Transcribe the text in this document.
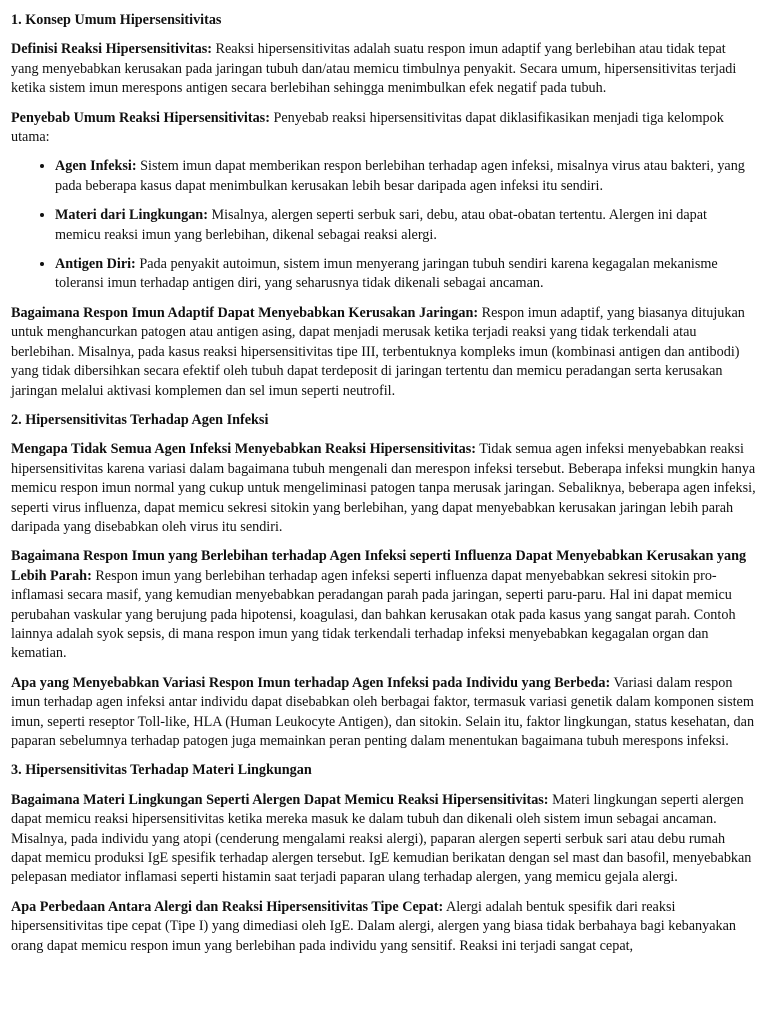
1. Konsep Umum Hipersensitivitas

Definisi Reaksi Hipersensitivitas: Reaksi hipersensitivitas adalah suatu respon imun adaptif yang berlebihan atau tidak tepat yang menyebabkan kerusakan pada jaringan tubuh dan/atau memicu timbulnya penyakit. Secara umum, hipersensitivitas terjadi ketika sistem imun merespons antigen secara berlebihan sehingga menimbulkan efek negatif pada tubuh.

Penyebab Umum Reaksi Hipersensitivitas: Penyebab reaksi hipersensitivitas dapat diklasifikasikan menjadi tiga kelompok utama:

• Agen Infeksi: Sistem imun dapat memberikan respon berlebihan terhadap agen infeksi, misalnya virus atau bakteri, yang pada beberapa kasus dapat menimbulkan kerusakan lebih besar daripada agen infeksi itu sendiri.
• Materi dari Lingkungan: Misalnya, alergen seperti serbuk sari, debu, atau obat-obatan tertentu. Alergen ini dapat memicu reaksi imun yang berlebihan, dikenal sebagai reaksi alergi.
• Antigen Diri: Pada penyakit autoimun, sistem imun menyerang jaringan tubuh sendiri karena kegagalan mekanisme toleransi imun terhadap antigen diri, yang seharusnya tidak dikenali sebagai ancaman.

Bagaimana Respon Imun Adaptif Dapat Menyebabkan Kerusakan Jaringan: Respon imun adaptif, yang biasanya ditujukan untuk menghancurkan patogen atau antigen asing, dapat menjadi merusak ketika terjadi reaksi yang tidak terkendali atau berlebihan. Misalnya, pada kasus reaksi hipersensitivitas tipe III, terbentuknya kompleks imun (kombinasi antigen dan antibodi) yang tidak dibersihkan secara efektif oleh tubuh dapat terdeposit di jaringan tertentu dan memicu peradangan serta kerusakan jaringan melalui aktivasi komplemen dan sel imun seperti neutrofil.

2. Hipersensitivitas Terhadap Agen Infeksi

Mengapa Tidak Semua Agen Infeksi Menyebabkan Reaksi Hipersensitivitas: Tidak semua agen infeksi menyebabkan reaksi hipersensitivitas karena variasi dalam bagaimana tubuh mengenali dan merespon infeksi tersebut. Beberapa infeksi mungkin hanya memicu respon imun normal yang cukup untuk mengeliminasi patogen tanpa merusak jaringan. Sebaliknya, beberapa agen infeksi, seperti virus influenza, dapat memicu sekresi sitokin yang berlebihan, yang dapat menyebabkan kerusakan jaringan lebih parah daripada yang disebabkan oleh virus itu sendiri.

Bagaimana Respon Imun yang Berlebihan terhadap Agen Infeksi seperti Influenza Dapat Menyebabkan Kerusakan yang Lebih Parah: Respon imun yang berlebihan terhadap agen infeksi seperti influenza dapat menyebabkan sekresi sitokin pro-inflamasi secara masif, yang kemudian menyebabkan peradangan parah pada jaringan, seperti paru-paru. Hal ini dapat memicu perubahan vaskular yang berujung pada hipotensi, koagulasi, dan bahkan kerusakan otak pada kasus yang sangat parah. Contoh lainnya adalah syok sepsis, di mana respon imun yang tidak terkendali terhadap infeksi menyebabkan kegagalan organ dan kematian.

Apa yang Menyebabkan Variasi Respon Imun terhadap Agen Infeksi pada Individu yang Berbeda: Variasi dalam respon imun terhadap agen infeksi antar individu dapat disebabkan oleh berbagai faktor, termasuk variasi genetik dalam komponen sistem imun, seperti reseptor Toll-like, HLA (Human Leukocyte Antigen), dan sitokin. Selain itu, faktor lingkungan, status kesehatan, dan paparan sebelumnya terhadap patogen juga memainkan peran penting dalam menentukan bagaimana tubuh merespons infeksi.

3. Hipersensitivitas Terhadap Materi Lingkungan

Bagaimana Materi Lingkungan Seperti Alergen Dapat Memicu Reaksi Hipersensitivitas: Materi lingkungan seperti alergen dapat memicu reaksi hipersensitivitas ketika mereka masuk ke dalam tubuh dan dikenali oleh sistem imun sebagai ancaman. Misalnya, pada individu yang atopi (cenderung mengalami reaksi alergi), paparan alergen seperti serbuk sari atau debu rumah dapat memicu produksi IgE spesifik terhadap alergen tersebut. IgE kemudian berikatan dengan sel mast dan basofil, menyebabkan pelepasan mediator inflamasi seperti histamin saat terjadi paparan ulang terhadap alergen, yang memicu gejala alergi.

Apa Perbedaan Antara Alergi dan Reaksi Hipersensitivitas Tipe Cepat: Alergi adalah bentuk spesifik dari reaksi hipersensitivitas tipe cepat (Tipe I) yang dimediasi oleh IgE. Dalam alergi, alergen yang biasa tidak berbahaya bagi kebanyakan orang dapat memicu respon imun yang berlebihan pada individu yang sensitif. Reaksi ini terjadi sangat cepat,
